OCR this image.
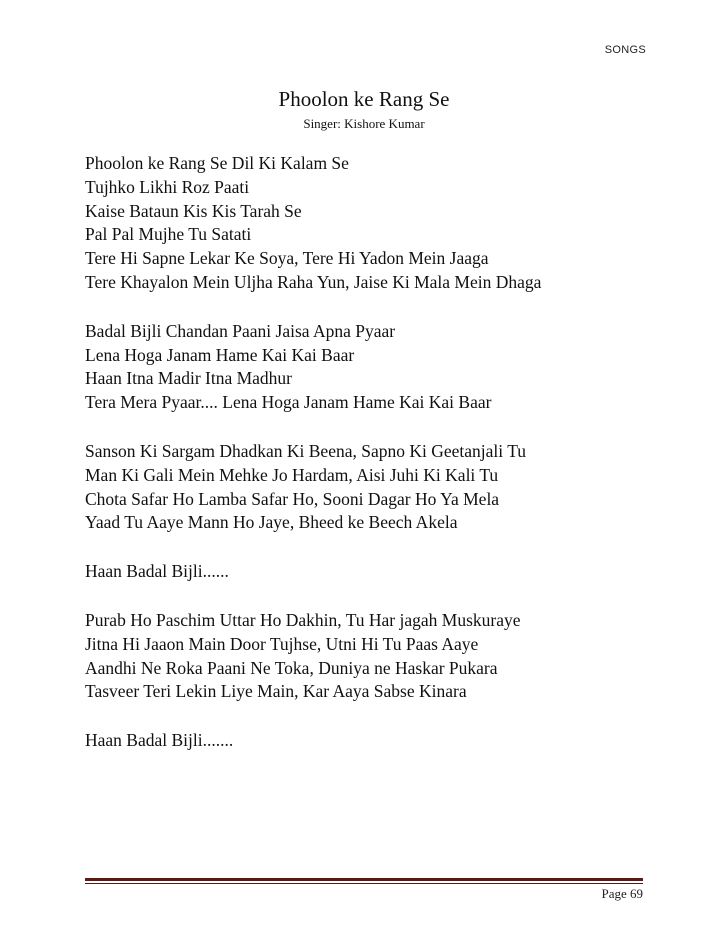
SONGS
Phoolon ke Rang Se
Singer: Kishore Kumar
Phoolon ke Rang Se Dil Ki Kalam Se
Tujhko Likhi Roz Paati
Kaise Bataun Kis Kis Tarah Se
Pal Pal Mujhe Tu Satati
Tere Hi Sapne Lekar Ke Soya, Tere Hi Yadon Mein Jaaga
Tere Khayalon Mein Uljha Raha Yun, Jaise Ki Mala Mein Dhaga
Badal Bijli Chandan Paani Jaisa Apna Pyaar
Lena Hoga Janam Hame Kai Kai Baar
Haan Itna Madir Itna Madhur
Tera Mera Pyaar.... Lena Hoga Janam Hame Kai Kai Baar
Sanson Ki Sargam Dhadkan Ki Beena, Sapno Ki Geetanjali Tu
Man Ki Gali Mein Mehke Jo Hardam, Aisi Juhi Ki Kali Tu
Chota Safar Ho Lamba Safar Ho, Sooni Dagar Ho Ya Mela
Yaad Tu Aaye Mann Ho Jaye, Bheed ke Beech Akela
Haan Badal Bijli......
Purab Ho Paschim Uttar Ho Dakhin, Tu Har jagah Muskuraye
Jitna Hi Jaaon Main Door Tujhse, Utni Hi Tu Paas Aaye
Aandhi Ne Roka Paani Ne Toka, Duniya ne Haskar Pukara
Tasveer Teri Lekin Liye Main, Kar Aaya Sabse Kinara
Haan Badal Bijli.......
Page 69
